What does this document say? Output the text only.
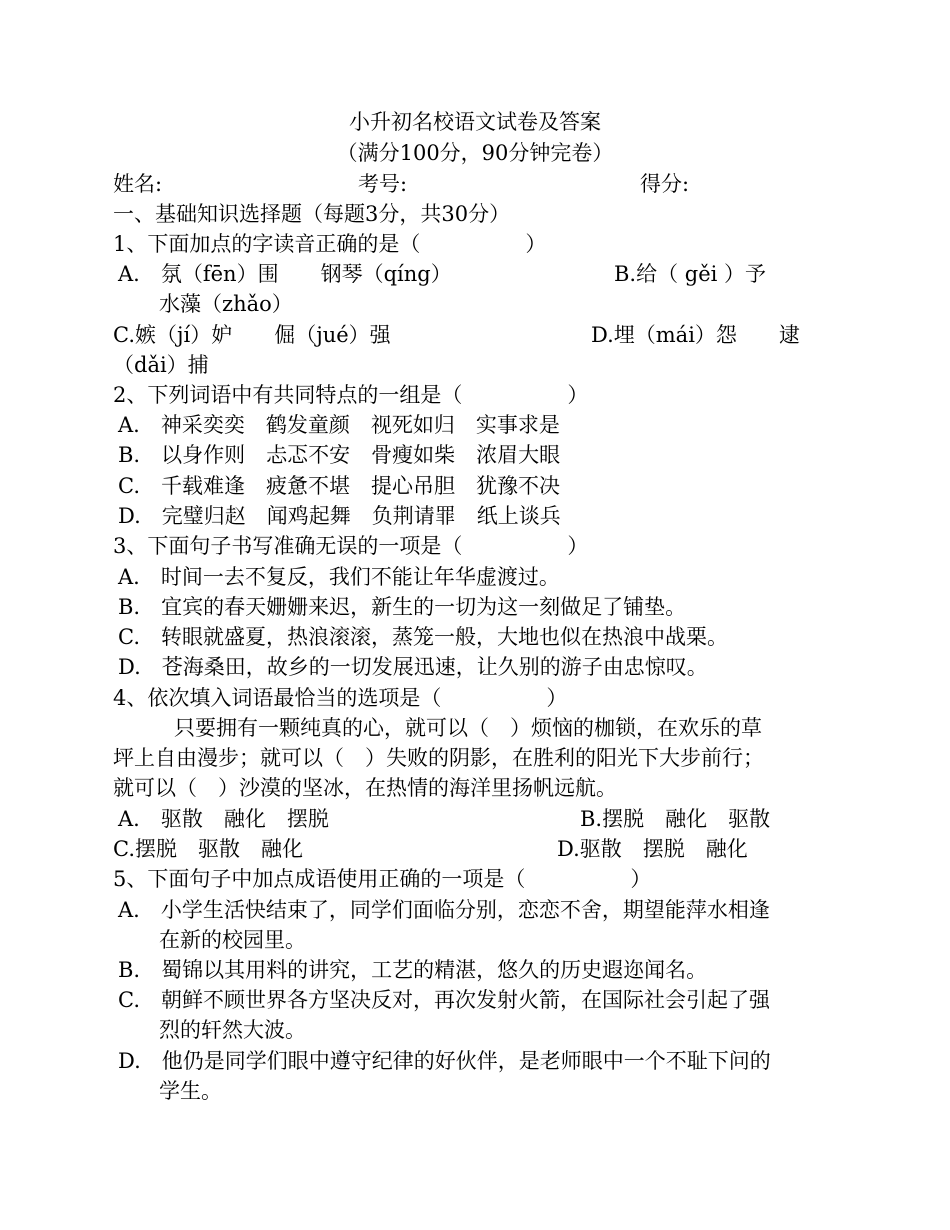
小升初名校语文试卷及答案
（满分100分，90分钟完卷）
姓名:	考号:	得分:
一、基础知识选择题（每题3分，共30分）
1、下面加点的字读音正确的是（　　　　　）
A.　氛（fēn）围　　钢琴（qíng）	B.给（ gěi ）予
水藻（zhǎo）
C.嫉（jí）妒　　倔（jué）强	D.埋（mái）怨　　逮
（dǎi）捕
2、下列词语中有共同特点的一组是（　　　　　）
A.　神采奕奕　鹤发童颜　视死如归　实事求是
B.　以身作则　忐忑不安　骨瘦如柴　浓眉大眼
C.　千载难逢　疲惫不堪　提心吊胆　犹豫不决
D.　完璧归赵　闻鸡起舞　负荆请罪　纸上谈兵
3、下面句子书写准确无误的一项是（　　　　　）
A.　时间一去不复反，我们不能让年华虚渡过。
B.　宜宾的春天姗姗来迟，新生的一切为这一刻做足了铺垫。
C.　转眼就盛夏，热浪滚滚，蒸笼一般，大地也似在热浪中战栗。
D.　苍海桑田，故乡的一切发展迅速，让久别的游子由忠惊叹。
4、依次填入词语最恰当的选项是（　　　　　）
只要拥有一颗纯真的心，就可以（　）烦恼的枷锁，在欢乐的草
坪上自由漫步；就可以（　）失败的阴影，在胜利的阳光下大步前行；
就可以（　）沙漠的坚冰，在热情的海洋里扬帆远航。
A.　驱散　融化　摆脱	B.摆脱　融化　驱散
C.摆脱　驱散　融化	D.驱散　摆脱　融化
5、下面句子中加点成语使用正确的一项是（　　　　　）
A.　小学生活快结束了，同学们面临分别，恋恋不舍，期望能萍水相逢
在新的校园里。
B.　蜀锦以其用料的讲究，工艺的精湛，悠久的历史遐迩闻名。
C.　朝鲜不顾世界各方坚决反对，再次发射火箭，在国际社会引起了强
烈的轩然大波。
D.　他仍是同学们眼中遵守纪律的好伙伴，是老师眼中一个不耻下问的
学生。
